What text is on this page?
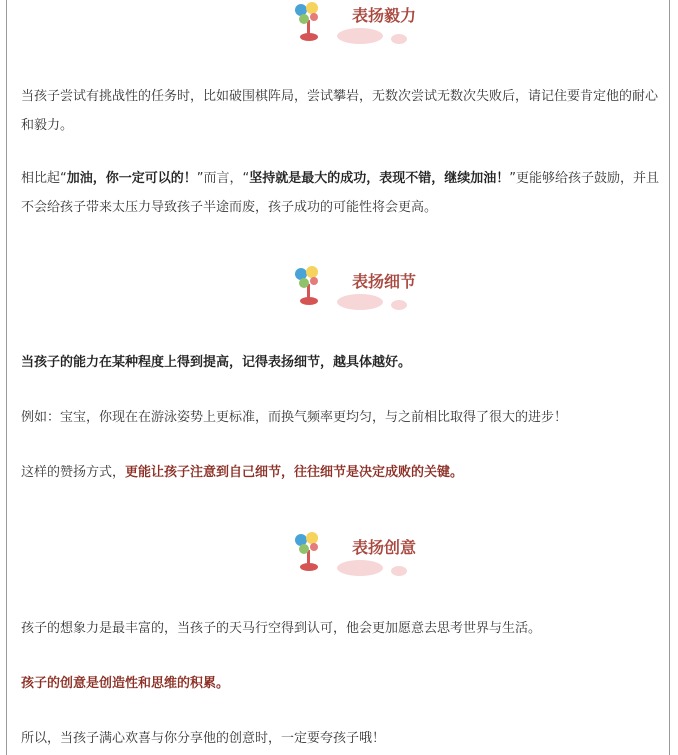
表扬毅力
当孩子尝试有挑战性的任务时，比如破围棋阵局，尝试攀岩，无数次尝试无数次失败后，请记住要肯定他的耐心和毅力。
相比起“加油，你一定可以的！”而言，“坚持就是最大的成功，表现不错，继续加油！”更能够给孩子鼓励，并且不会给孩子带来太压力导致孩子半途而废，孩子成功的可能性将会更高。
表扬细节
当孩子的能力在某种程度上得到提高，记得表扬细节，越具体越好。
例如：宝宝，你现在在游泳姿势上更标准，而换气频率更均匀，与之前相比取得了很大的进步！
这样的赞扬方式，更能让孩子注意到自己细节，往往细节是决定成败的关键。
表扬创意
孩子的想象力是最丰富的，当孩子的天马行空得到认可，他会更加愿意去思考世界与生活。
孩子的创意是创造性和思维的积累。
所以，当孩子满心欢喜与你分享他的创意时，一定要夸孩子哦！
